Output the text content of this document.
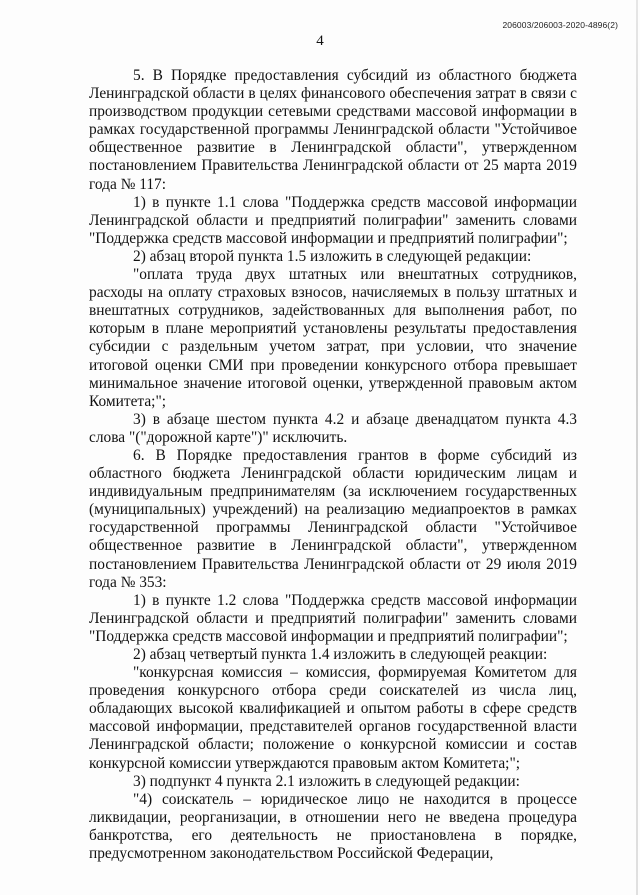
206003/206003-2020-4896(2)
4

5. В Порядке предоставления субсидий из областного бюджета Ленинградской области в целях финансового обеспечения затрат в связи с производством продукции сетевыми средствами массовой информации в рамках государственной программы Ленинградской области "Устойчивое общественное развитие в Ленинградской области", утвержденном постановлением Правительства Ленинградской области от 25 марта 2019 года № 117:

1) в пункте 1.1 слова "Поддержка средств массовой информации Ленинградской области и предприятий полиграфии" заменить словами "Поддержка средств массовой информации и предприятий полиграфии";

2) абзац второй пункта 1.5 изложить в следующей редакции:

"оплата труда двух штатных или внештатных сотрудников, расходы на оплату страховых взносов, начисляемых в пользу штатных и внештатных сотрудников, задействованных для выполнения работ, по которым в плане мероприятий установлены результаты предоставления субсидии с раздельным учетом затрат, при условии, что значение итоговой оценки СМИ при проведении конкурсного отбора превышает минимальное значение итоговой оценки, утвержденной правовым актом Комитета;";

3) в абзаце шестом пункта 4.2 и абзаце двенадцатом пункта 4.3 слова "("дорожной карте")" исключить.

6. В Порядке предоставления грантов в форме субсидий из областного бюджета Ленинградской области юридическим лицам и индивидуальным предпринимателям (за исключением государственных (муниципальных) учреждений) на реализацию медиапроектов в рамках государственной программы Ленинградской области "Устойчивое общественное развитие в Ленинградской области", утвержденном постановлением Правительства Ленинградской области от 29 июля 2019 года № 353:

1) в пункте 1.2 слова "Поддержка средств массовой информации Ленинградской области и предприятий полиграфии" заменить словами "Поддержка средств массовой информации и предприятий полиграфии";

2) абзац четвертый пункта 1.4 изложить в следующей реакции:

"конкурсная комиссия – комиссия, формируемая Комитетом для проведения конкурсного отбора среди соискателей из числа лиц, обладающих высокой квалификацией и опытом работы в сфере средств массовой информации, представителей органов государственной власти Ленинградской области; положение о конкурсной комиссии и состав конкурсной комиссии утверждаются правовым актом Комитета;";

3) подпункт 4 пункта 2.1 изложить в следующей редакции:

"4) соискатель – юридическое лицо не находится в процессе ликвидации, реорганизации, в отношении него не введена процедура банкротства, его деятельность не приостановлена в порядке, предусмотренном законодательством Российской Федерации,
